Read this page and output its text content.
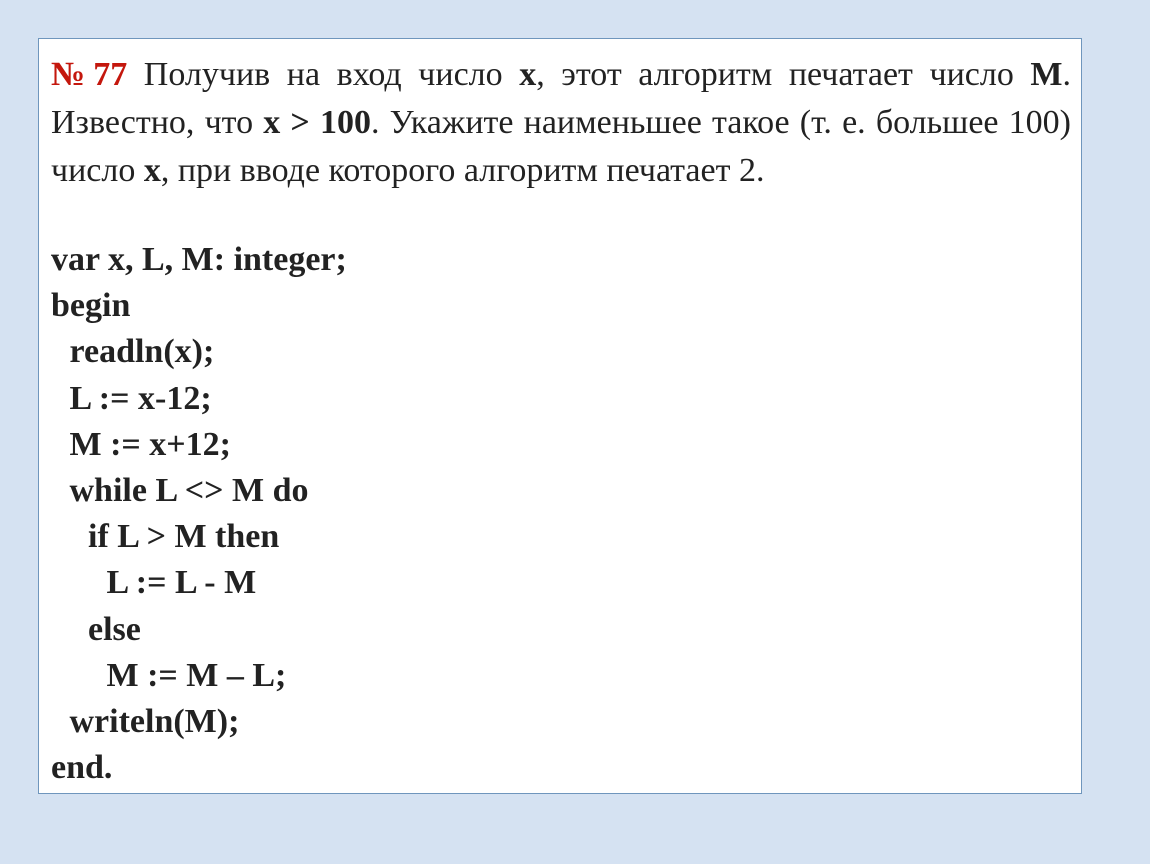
№77 Получив на вход число x, этот алгоритм печатает число M. Известно, что x > 100. Укажите наименьшее такое (т. е. большее 100) число x, при вводе которого алгоритм печатает 2.
var x, L, M: integer;
begin
readln(x);
L := x-12;
M := x+12;
while L <> M do
if L > M then
L := L - M
else
M := M – L;
writeln(M);
end.
